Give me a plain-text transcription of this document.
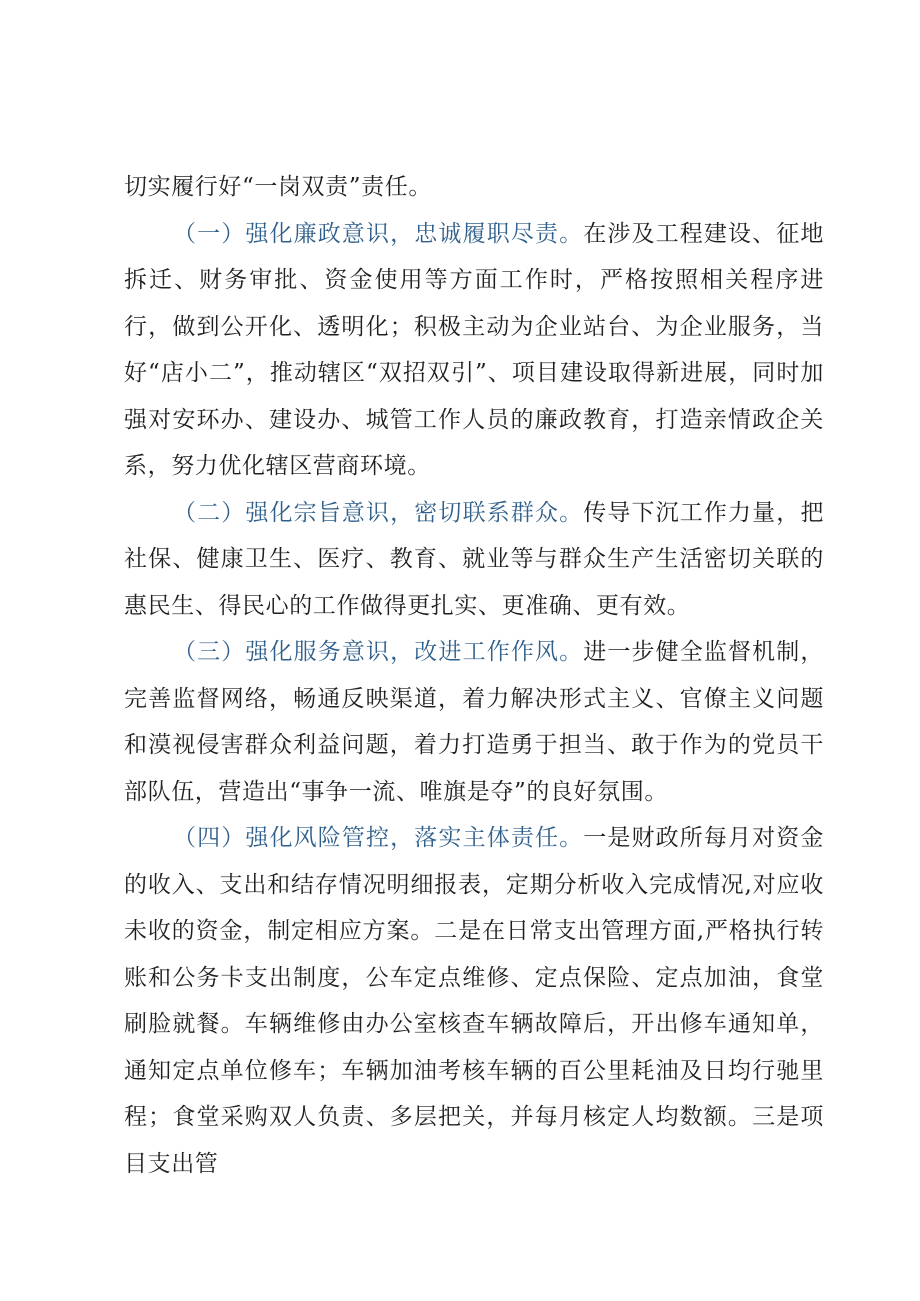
切实履行好“一岗双责”责任。

（一）强化廉政意识，忠诚履职尽责。在涉及工程建设、征地拆迁、财务审批、资金使用等方面工作时，严格按照相关程序进行，做到公开化、透明化；积极主动为企业站台、为企业服务，当好“店小二”，推动辖区“双招双引”、项目建设取得新进展，同时加强对安环办、建设办、城管工作人员的廉政教育，打造亲情政企关系，努力优化辖区营商环境。

（二）强化宗旨意识，密切联系群众。传导下沉工作力量，把社保、健康卫生、医疗、教育、就业等与群众生产生活密切关联的惠民生、得民心的工作做得更扎实、更准确、更有效。

（三）强化服务意识，改进工作作风。进一步健全监督机制，完善监督网络，畅通反映渠道，着力解决形式主义、官僚主义问题和漠视侵害群众利益问题，着力打造勇于担当、敢于作为的党员干部队伍，营造出“事争一流、唯旗是夺”的良好氛围。

（四）强化风险管控，落实主体责任。一是财政所每月对资金的收入、支出和结存情况明细报表，定期分析收入完成情况,对应收未收的资金，制定相应方案。二是在日常支出管理方面,严格执行转账和公务卡支出制度，公车定点维修、定点保险、定点加油，食堂刷脸就餐。车辆维修由办公室核查车辆故障后，开出修车通知单，通知定点单位修车；车辆加油考核车辆的百公里耗油及日均行驰里程；食堂采购双人负责、多层把关，并每月核定人均数额。三是项目支出管
